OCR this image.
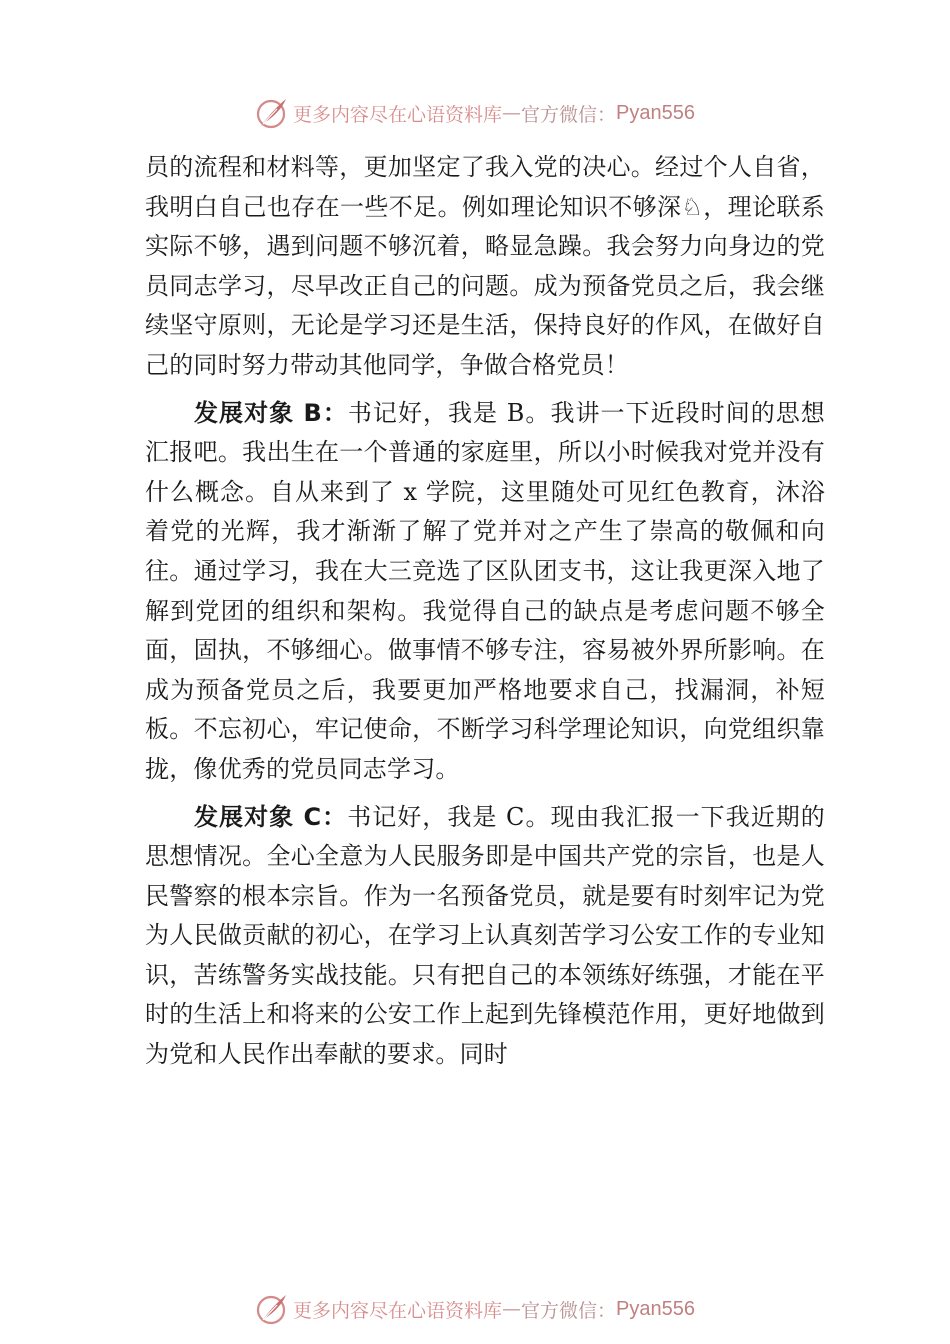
更多内容尽在心语资料库 — 官方微信： Pyan556

员的流程和材料等，更加坚定了我入党的决心。经过个人自省，我明白自己也存在一些不足。例如理论知识不够深♘，理论联系实际不够，遇到问题不够沉着，略显急躁。我会努力向身边的党员同志学习，尽早改正自己的问题。成为预备党员之后，我会继续坚守原则，无论是学习还是生活，保持良好的作风，在做好自己的同时努力带动其他同学，争做合格党员！

发展对象 B：书记好，我是 B。我讲一下近段时间的思想汇报吧。我出生在一个普通的家庭里，所以小时候我对党并没有什么概念。自从来到了 x 学院，这里随处可见红色教育，沐浴着党的光辉，我才渐渐了解了党并对之产生了崇高的敬佩和向往。通过学习，我在大三竞选了区队团支书，这让我更深入地了解到党团的组织和架构。我觉得自己的缺点是考虑问题不够全面，固执，不够细心。做事情不够专注，容易被外界所影响。在成为预备党员之后，我要更加严格地要求自己，找漏洞，补短板。不忘初心，牢记使命，不断学习科学理论知识，向党组织靠拢，像优秀的党员同志学习。

发展对象 C：书记好，我是 C。现由我汇报一下我近期的思想情况。全心全意为人民服务即是中国共产党的宗旨，也是人民警察的根本宗旨。作为一名预备党员，就是要有时刻牢记为党为人民做贡献的初心，在学习上认真刻苦学习公安工作的专业知识，苦练警务实战技能。只有把自己的本领练好练强，才能在平时的生活上和将来的公安工作上起到先锋模范作用，更好地做到为党和人民作出奉献的要求。同时

更多内容尽在心语资料库 — 官方微信： Pyan556
